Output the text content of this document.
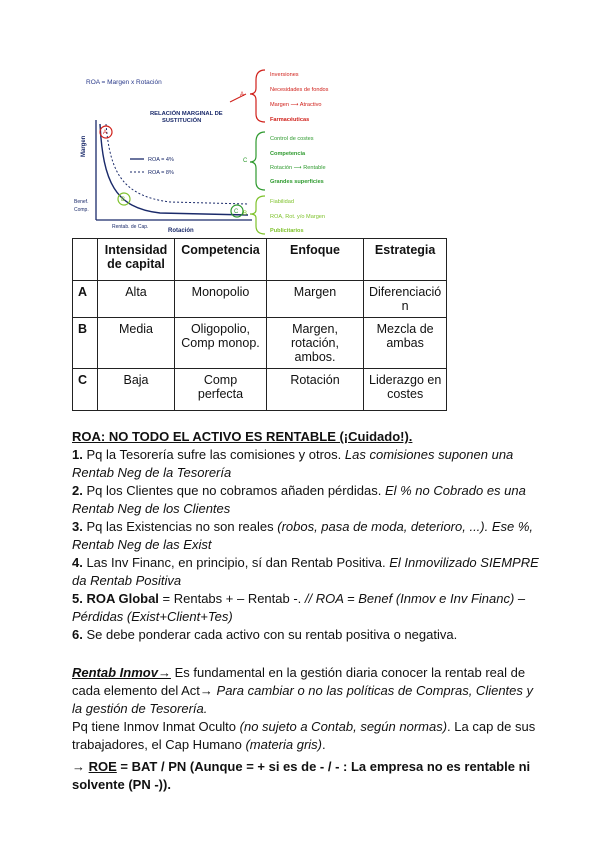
ROA = Margen x Rotación
RELACIÓN MARGINAL DE
SUSTITUCIÓN
Margen
Rotación
Benef.
Comp.
Rentab. de Cap.
ROA = 4%
ROA = 8%
A
B
C
A
C
B
Inversiones
Necesidades de fondos
Margen ⟶ Atractivo
Farmacéuticas
Control de costes
Competencia
Rotación ⟶ Rentable
Grandes superficies
Fiabilidad
ROA, Rot. y/o Margen
Publicitarios
	Intensidad de capital	Competencia	Enfoque	Estrategia
A	Alta	Monopolio	Margen	Diferenciació n
B	Media	Oligopolio, Comp monop.	Margen, rotación, ambos.	Mezcla de ambas
C	Baja	Comp perfecta	Rotación	Liderazgo en costes

ROA: NO TODO EL ACTIVO ES RENTABLE (¡Cuidado!).

1. Pq la Tesorería sufre las comisiones y otros. Las comisiones suponen una Rentab Neg de la Tesorería

2. Pq los Clientes que no cobramos añaden pérdidas. El % no Cobrado es una Rentab Neg de los Clientes

3. Pq las Existencias no son reales (robos, pasa de moda, deterioro, ...). Ese %, Rentab Neg de las Exist

4. Las Inv Financ, en principio, sí dan Rentab Positiva. El Inmovilizado SIEMPRE da Rentab Positiva

5. ROA Global = Rentabs + – Rentab -. // ROA = Benef (Inmov e Inv Financ) – Pérdidas (Exist+Client+Tes)

6. Se debe ponderar cada activo con su rentab positiva o negativa.

Rentab Inmov→ Es fundamental en la gestión diaria conocer la rentab real de cada elemento del Act→ Para cambiar o no las políticas de Compras, Clientes y la gestión de Tesorería.

Pq tiene Inmov Inmat Oculto (no sujeto a Contab, según normas). La cap de sus trabajadores, el Cap Humano (materia gris).

→ ROE = BAT / PN (Aunque = + si es de - / - : La empresa no es rentable ni solvente (PN -)).
